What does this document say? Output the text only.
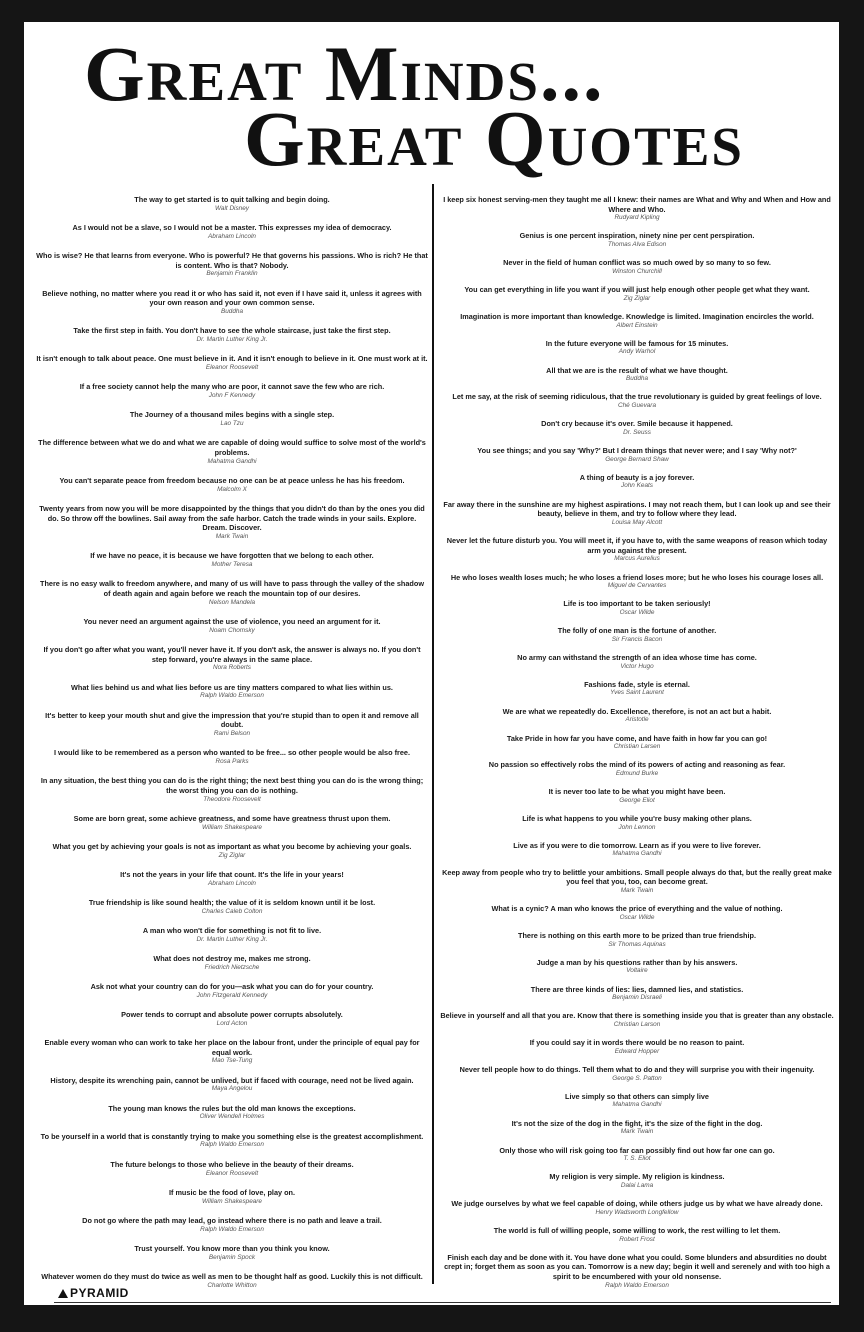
Great Minds...
Great Quotes
The way to get started is to quit talking and begin doing.
Walt Disney
As I would not be a slave, so I would not be a master. This expresses my idea of democracy.
Abraham Lincoln
Who is wise? He that learns from everyone. Who is powerful? He that governs his passions. Who is rich? He that is content. Who is that? Nobody.
Benjamin Franklin
Believe nothing, no matter where you read it or who has said it, not even if I have said it, unless it agrees with your own reason and your own common sense.
Buddha
Take the first step in faith. You don't have to see the whole staircase, just take the first step.
Dr. Martin Luther King Jr.
It isn't enough to talk about peace. One must believe in it. And it isn't enough to believe in it. One must work at it.
Eleanor Roosevelt
If a free society cannot help the many who are poor, it cannot save the few who are rich.
John F Kennedy
The Journey of a thousand miles begins with a single step.
Lao Tzu
The difference between what we do and what we are capable of doing would suffice to solve most of the world's problems.
Mahatma Gandhi
You can't separate peace from freedom because no one can be at peace unless he has his freedom.
Malcolm X
Twenty years from now you will be more disappointed by the things that you didn't do than by the ones you did do. So throw off the bowlines. Sail away from the safe harbor. Catch the trade winds in your sails. Explore. Dream. Discover.
Mark Twain
If we have no peace, it is because we have forgotten that we belong to each other.
Mother Teresa
There is no easy walk to freedom anywhere, and many of us will have to pass through the valley of the shadow of death again and again before we reach the mountain top of our desires.
Nelson Mandela
You never need an argument against the use of violence, you need an argument for it.
Noam Chomsky
If you don't go after what you want, you'll never have it. If you don't ask, the answer is always no. If you don't step forward, you're always in the same place.
Nora Roberts
What lies behind us and what lies before us are tiny matters compared to what lies within us.
Ralph Waldo Emerson
It's better to keep your mouth shut and give the impression that you're stupid than to open it and remove all doubt.
Rami Belson
I would like to be remembered as a person who wanted to be free... so other people would be also free.
Rosa Parks
In any situation, the best thing you can do is the right thing; the next best thing you can do is the wrong thing; the worst thing you can do is nothing.
Theodore Roosevelt
Some are born great, some achieve greatness, and some have greatness thrust upon them.
William Shakespeare
What you get by achieving your goals is not as important as what you become by achieving your goals.
Zig Ziglar
It's not the years in your life that count. It's the life in your years!
Abraham Lincoln
True friendship is like sound health; the value of it is seldom known until it be lost.
Charles Caleb Colton
A man who won't die for something is not fit to live.
Dr. Martin Luther King Jr.
What does not destroy me, makes me strong.
Friedrich Nietzsche
Ask not what your country can do for you—ask what you can do for your country.
John Fitzgerald Kennedy
Power tends to corrupt and absolute power corrupts absolutely.
Lord Acton
Enable every woman who can work to take her place on the labour front, under the principle of equal pay for equal work.
Mao Tse-Tung
History, despite its wrenching pain, cannot be unlived, but if faced with courage, need not be lived again.
Maya Angelou
The young man knows the rules but the old man knows the exceptions.
Oliver Wendell Holmes
To be yourself in a world that is constantly trying to make you something else is the greatest accomplishment.
Ralph Waldo Emerson
The future belongs to those who believe in the beauty of their dreams.
Eleanor Roosevelt
If music be the food of love, play on.
William Shakespeare
Do not go where the path may lead, go instead where there is no path and leave a trail.
Ralph Waldo Emerson
Trust yourself. You know more than you think you know.
Benjamin Spock
Whatever women do they must do twice as well as men to be thought half as good. Luckily this is not difficult.
Charlotte Whitton
I keep six honest serving-men they taught me all I knew: their names are What and Why and When and How and Where and Who.
Rudyard Kipling
Genius is one percent inspiration, ninety nine per cent perspiration.
Thomas Alva Edison
Never in the field of human conflict was so much owed by so many to so few.
Winston Churchill
You can get everything in life you want if you will just help enough other people get what they want.
Zig Ziglar
Imagination is more important than knowledge. Knowledge is limited. Imagination encircles the world.
Albert Einstein
In the future everyone will be famous for 15 minutes.
Andy Warhol
All that we are is the result of what we have thought.
Buddha
Let me say, at the risk of seeming ridiculous, that the true revolutionary is guided by great feelings of love.
Ché Guevara
Don't cry because it's over. Smile because it happened.
Dr. Seuss
You see things; and you say 'Why?' But I dream things that never were; and I say 'Why not?'
George Bernard Shaw
A thing of beauty is a joy forever.
John Keats
Far away there in the sunshine are my highest aspirations. I may not reach them, but I can look up and see their beauty, believe in them, and try to follow where they lead.
Louisa May Alcott
Never let the future disturb you. You will meet it, if you have to, with the same weapons of reason which today arm you against the present.
Marcus Aurelius
He who loses wealth loses much; he who loses a friend loses more; but he who loses his courage loses all.
Miguel de Cervantes
Life is too important to be taken seriously!
Oscar Wilde
The folly of one man is the fortune of another.
Sir Francis Bacon
No army can withstand the strength of an idea whose time has come.
Victor Hugo
Fashions fade, style is eternal.
Yves Saint Laurent
We are what we repeatedly do. Excellence, therefore, is not an act but a habit.
Aristotle
Take Pride in how far you have come, and have faith in how far you can go!
Christian Larsen
No passion so effectively robs the mind of its powers of acting and reasoning as fear.
Edmund Burke
It is never too late to be what you might have been.
George Eliot
Life is what happens to you while you're busy making other plans.
John Lennon
Live as if you were to die tomorrow. Learn as if you were to live forever.
Mahatma Gandhi
Keep away from people who try to belittle your ambitions. Small people always do that, but the really great make you feel that you, too, can become great.
Mark Twain
What is a cynic? A man who knows the price of everything and the value of nothing.
Oscar Wilde
There is nothing on this earth more to be prized than true friendship.
Sir Thomas Aquinas
Judge a man by his questions rather than by his answers.
Voltaire
There are three kinds of lies: lies, damned lies, and statistics.
Benjamin Disraeli
Believe in yourself and all that you are. Know that there is something inside you that is greater than any obstacle.
Christian Larson
If you could say it in words there would be no reason to paint.
Edward Hopper
Never tell people how to do things. Tell them what to do and they will surprise you with their ingenuity.
George S. Patton
Live simply so that others can simply live
Mahatma Gandhi
It's not the size of the dog in the fight, it's the size of the fight in the dog.
Mark Twain
Only those who will risk going too far can possibly find out how far one can go.
T. S. Eliot
My religion is very simple. My religion is kindness.
Dalai Lama
We judge ourselves by what we feel capable of doing, while others judge us by what we have already done.
Henry Wadsworth Longfellow
The world is full of willing people, some willing to work, the rest willing to let them.
Robert Frost
Finish each day and be done with it. You have done what you could. Some blunders and absurdities no doubt crept in; forget them as soon as you can. Tomorrow is a new day; begin it well and serenely and with too high a spirit to be encumbered with your old nonsense.
Ralph Waldo Emerson
PYRAMID
